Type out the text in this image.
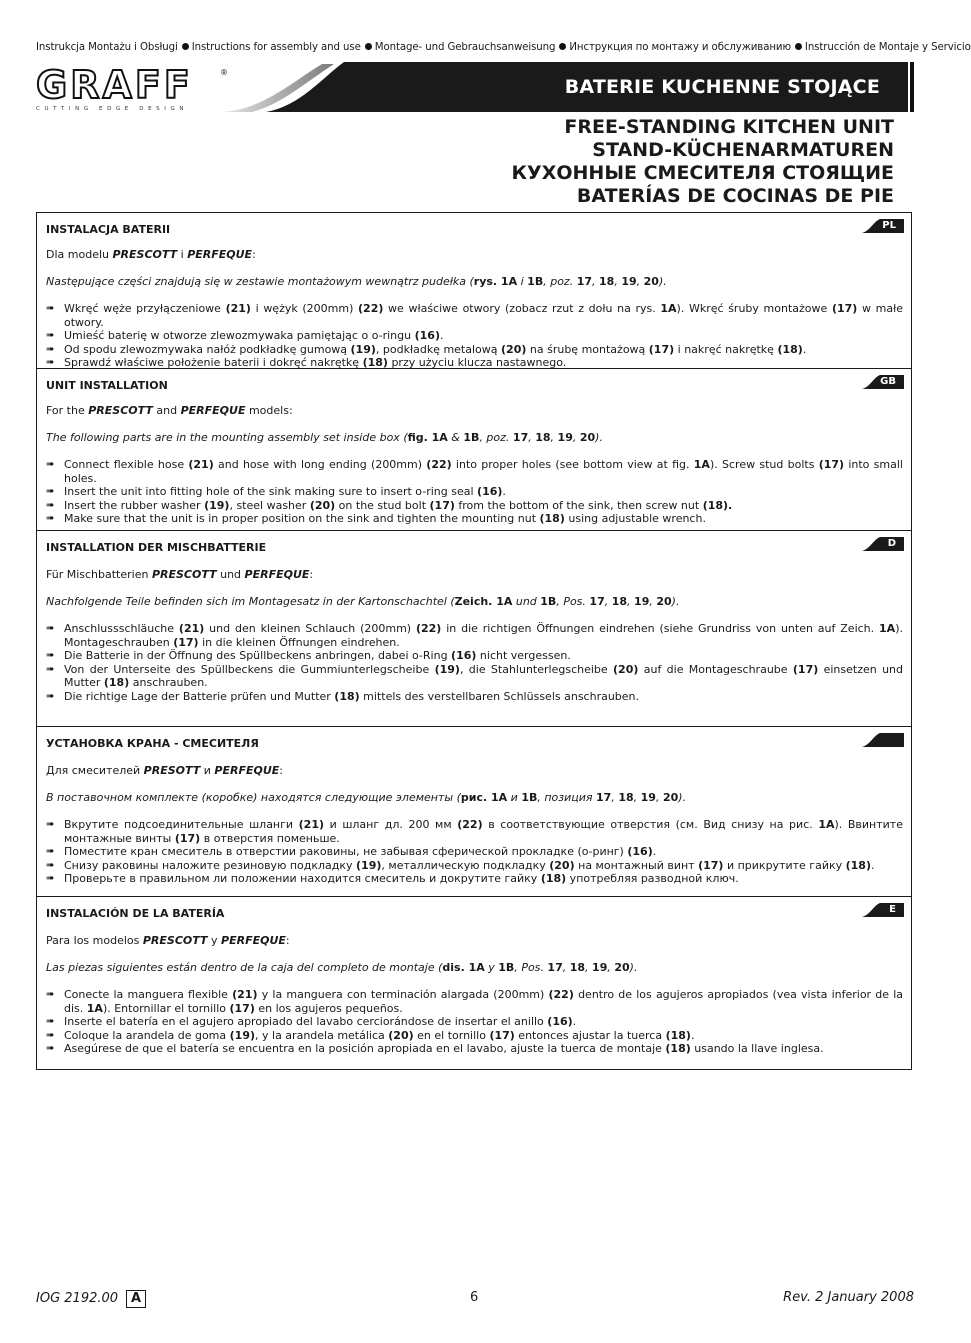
Instrukcja Montażu i Obsługi Instructions for assembly and use Montage- und Gebrauchsanweisung Инструкция по монтажу и обслуживанию Instrucción de Montaje y Servicio
GRAFF	®
CUTTING EDGE DESIGN
BATERIE KUCHENNE STOJĄCE
FREE-STANDING KITCHEN UNIT
STAND-KÜCHENARMATUREN
КУХОННЫЕ СМЕСИТЕЛЯ СТОЯЩИЕ
BATERÍAS DE COCINAS DE PIE
INSTALACJA BATERII	PL
Dla modelu PRESCOTT i PERFEQUE:
Następujące części znajdują się w zestawie montażowym wewnątrz pudełka (rys. 1A i 1B, poz. 17, 18, 19, 20).
➠ Wkręć węże przyłączeniowe (21) i wężyk (200mm) (22) we właściwe otwory (zobacz rzut z dołu na rys. 1A). Wkręć śruby montażowe (17) w małe otwory.
➠ Umieść baterię w otworze zlewozmywaka pamiętając o o-ringu (16).
➠ Od spodu zlewozmywaka nałóż podkładkę gumową (19), podkładkę metalową (20) na śrubę montażową (17) i nakręć nakrętkę (18).
➠ Sprawdź właściwe położenie baterii i dokręć nakrętkę (18) przy użyciu klucza nastawnego.
UNIT INSTALLATION	GB
For the PRESCOTT and PERFEQUE models:
The following parts are in the mounting assembly set inside box (fig. 1A & 1B, poz. 17, 18, 19, 20).
➠ Connect flexible hose (21) and hose with long ending (200mm) (22) into proper holes (see bottom view at fig. 1A). Screw stud bolts (17) into small holes.
➠ Insert the unit into fitting hole of the sink making sure to insert o-ring seal (16).
➠ Insert the rubber washer (19), steel washer (20) on the stud bolt (17) from the bottom of the sink, then screw nut (18).
➠ Make sure that the unit is in proper position on the sink and tighten the mounting nut (18) using adjustable wrench.
INSTALLATION DER MISCHBATTERIE	D
Für Mischbatterien PRESCOTT und PERFEQUE:
Nachfolgende Teile befinden sich im Montagesatz in der Kartonschachtel (Zeich. 1A und 1B, Pos. 17, 18, 19, 20).
➠ Anschlussschläuche (21) und den kleinen Schlauch (200mm) (22) in die richtigen Öffnungen eindrehen (siehe Grundriss von unten auf Zeich. 1A). Montageschrauben (17) in die kleinen Öffnungen eindrehen.
➠ Die Batterie in der Öffnung des Spüllbeckens anbringen, dabei o-Ring (16) nicht vergessen.
➠ Von der Unterseite des Spüllbeckens die Gummiunterlegscheibe (19), die Stahlunterlegscheibe (20) auf die Montageschraube (17) einsetzen und Mutter (18) anschrauben.
➠ Die richtige Lage der Batterie prüfen und Mutter (18) mittels des verstellbaren Schlüssels anschrauben.
УСТАНОВКА КРАНА - СМЕСИТЕЛЯ
Для смесителей PRESOTT и PERFEQUE:
В поставочном комплекте (коробке) находятся следующие элементы (рис. 1A и 1B, позиция 17, 18, 19, 20).
➠ Вкрутите подсоединительные шланги (21) и шланг дл. 200 мм (22) в соответствующие отверстия (см. Вид снизу на рис. 1A). Ввинтите монтажные винты (17) в отверстия поменьше.
➠ Поместите кран смеситель в отверстии раковины, не забывая сферической прокладке (о-ринг) (16).
➠ Снизу раковины наложите резиновую подкладку (19), металлическую подкладку (20) на монтажный винт (17) и прикрутите гайку (18).
➠ Проверьте в правильном ли положении находится смеситель и докрутите гайку (18) употребляя разводной ключ.
INSTALACIÓN DE LA BATERÍA	E
Para los modelos PRESCOTT y PERFEQUE:
Las piezas siguientes están dentro de la caja del completo de montaje (dis. 1A y 1B, Pos. 17, 18, 19, 20).
➠ Conecte la manguera flexible (21) y la manguera con terminación alargada (200mm) (22) dentro de los agujeros apropiados (vea vista inferior de la dis. 1A). Entornillar el tornillo (17) en los agujeros pequeños.
➠ Inserte el batería en el agujero apropiado del lavabo cerciorándose de insertar el anillo (16).
➠ Coloque la arandela de goma (19), y la arandela metálica (20) en el tornillo (17) entonces ajustar la tuerca (18).
➠ Asegúrese de que el batería se encuentra en la posición apropiada en el lavabo, ajuste la tuerca de montaje (18) usando la llave inglesa.
IOG 2192.00 A	6	Rev. 2 January 2008
